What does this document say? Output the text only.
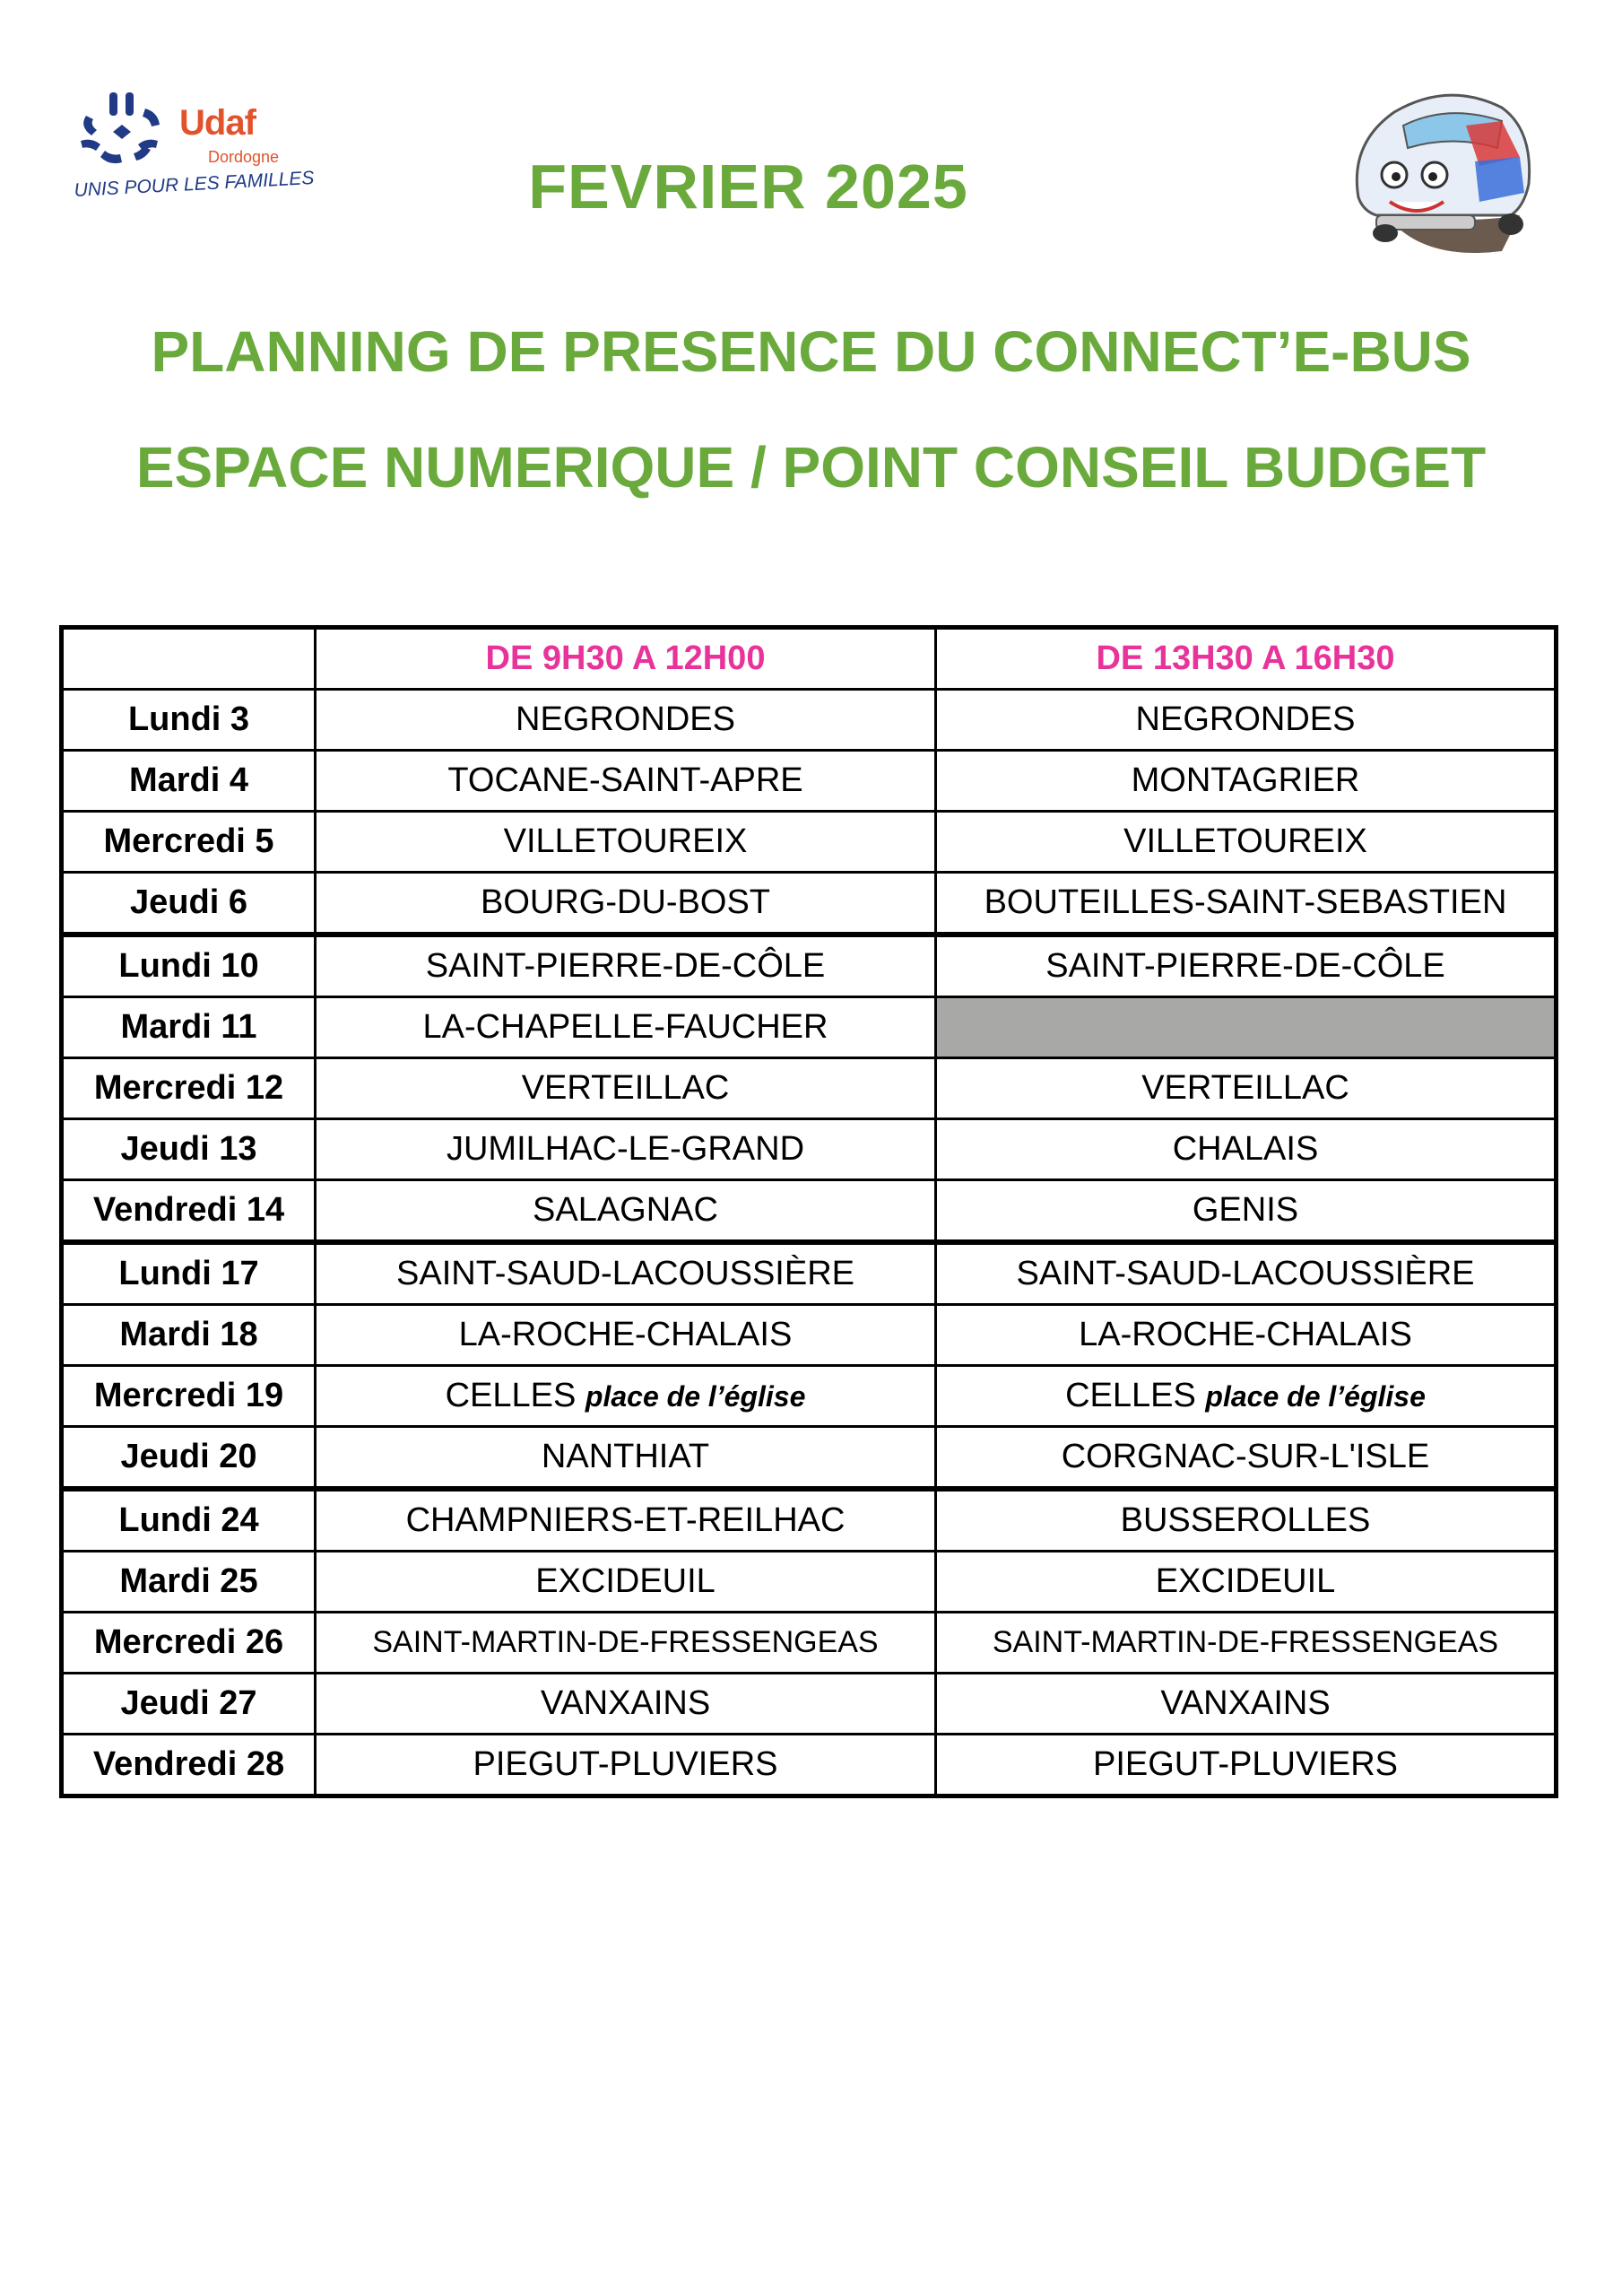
Udaf
Dordogne
UNIS POUR LES FAMILLES	FEVRIER 2025
PLANNING DE PRESENCE DU CONNECT’E-BUS
ESPACE NUMERIQUE / POINT CONSEIL BUDGET
	DE 9H30 A 12H00	DE 13H30 A 16H30
Lundi 3	NEGRONDES	NEGRONDES
Mardi 4	TOCANE-SAINT-APRE	MONTAGRIER
Mercredi 5	VILLETOUREIX	VILLETOUREIX
Jeudi 6	BOURG-DU-BOST	BOUTEILLES-SAINT-SEBASTIEN
Lundi 10	SAINT-PIERRE-DE-CÔLE	SAINT-PIERRE-DE-CÔLE
Mardi 11	LA-CHAPELLE-FAUCHER	
Mercredi 12	VERTEILLAC	VERTEILLAC
Jeudi 13	JUMILHAC-LE-GRAND	CHALAIS
Vendredi 14	SALAGNAC	GENIS
Lundi 17	SAINT-SAUD-LACOUSSIÈRE	SAINT-SAUD-LACOUSSIÈRE
Mardi 18	LA-ROCHE-CHALAIS	LA-ROCHE-CHALAIS
Mercredi 19	CELLES place de l’église	CELLES place de l’église
Jeudi 20	NANTHIAT	CORGNAC-SUR-L'ISLE
Lundi 24	CHAMPNIERS-ET-REILHAC	BUSSEROLLES
Mardi 25	EXCIDEUIL	EXCIDEUIL
Mercredi 26	SAINT-MARTIN-DE-FRESSENGEAS	SAINT-MARTIN-DE-FRESSENGEAS
Jeudi 27	VANXAINS	VANXAINS
Vendredi 28	PIEGUT-PLUVIERS	PIEGUT-PLUVIERS
